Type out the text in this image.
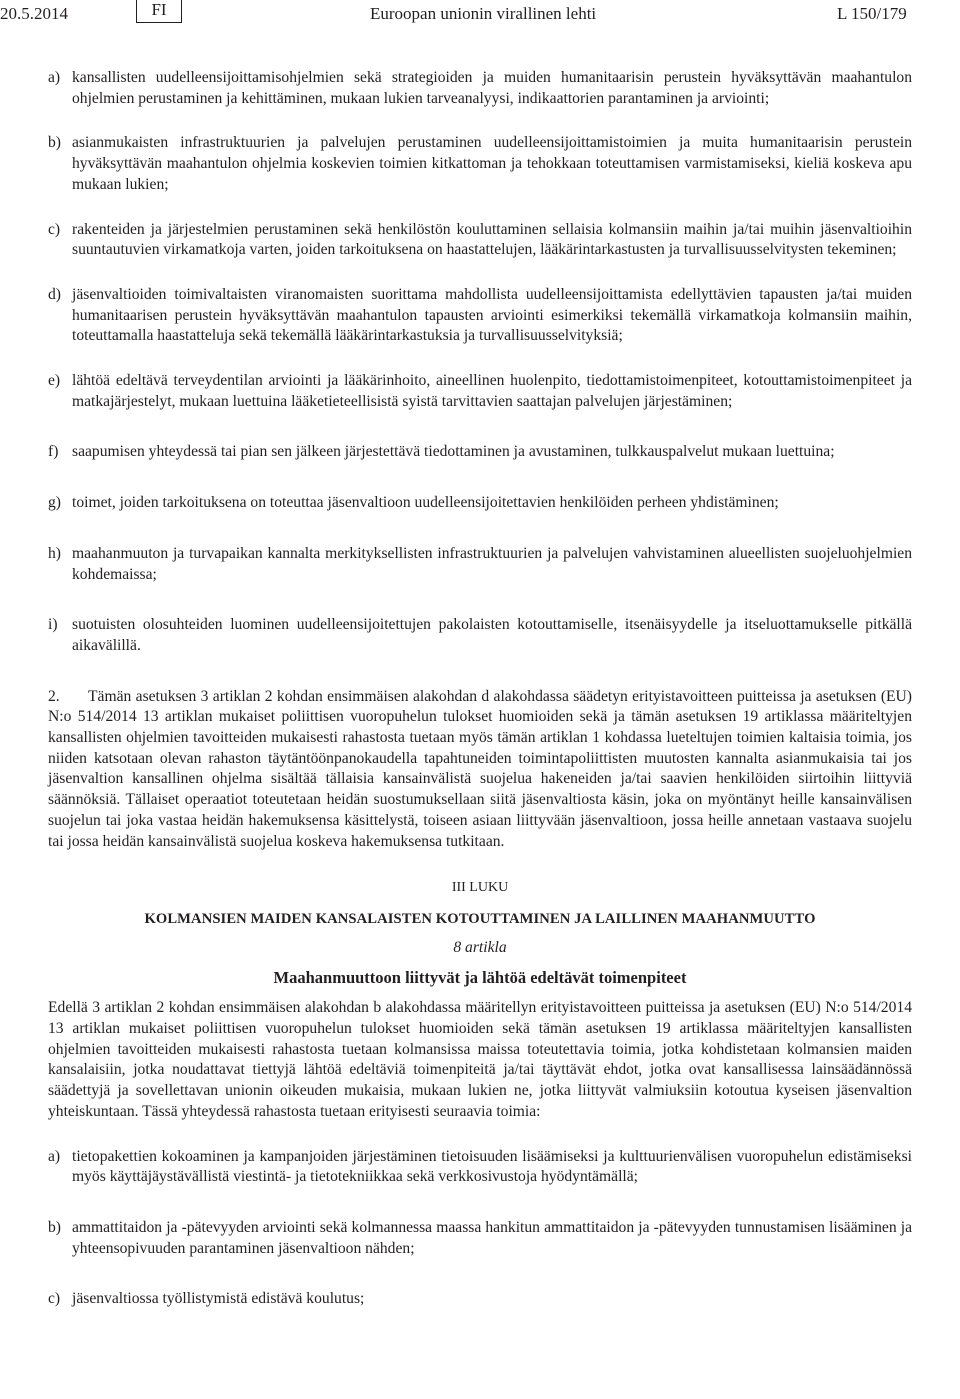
20.5.2014	FI	Euroopan unionin virallinen lehti	L 150/179
a) kansallisten uudelleensijoittamisohjelmien sekä strategioiden ja muiden humanitaarisin perustein hyväksyttävän maahantulon ohjelmien perustaminen ja kehittäminen, mukaan lukien tarveanalyysi, indikaattorien parantaminen ja arviointi;
b) asianmukaisten infrastruktuurien ja palvelujen perustaminen uudelleensijoittamistoimien ja muita humanitaarisin perustein hyväksyttävän maahantulon ohjelmia koskevien toimien kitkattoman ja tehokkaan toteuttamisen varmistamiseksi, kieliä koskeva apu mukaan lukien;
c) rakenteiden ja järjestelmien perustaminen sekä henkilöstön kouluttaminen sellaisia kolmansiin maihin ja/tai muihin jäsenvaltioihin suuntautuvien virkamatkoja varten, joiden tarkoituksena on haastattelujen, lääkärintarkastusten ja turvallisuusselvitysten tekeminen;
d) jäsenvaltioiden toimivaltaisten viranomaisten suorittama mahdollista uudelleensijoittamista edellyttävien tapausten ja/tai muiden humanitaarisen perustein hyväksyttävän maahantulon tapausten arviointi esimerkiksi tekemällä virkamatkoja kolmansiin maihin, toteuttamalla haastatteluja sekä tekemällä lääkärintarkastuksia ja turvallisuusselvityksiä;
e) lähtöä edeltävä terveydentilan arviointi ja lääkärinhoito, aineellinen huolenpito, tiedottamistoimenpiteet, kotouttamistoimenpiteet ja matkajärjestelyt, mukaan luettuina lääketieteellisistä syistä tarvittavien saattajan palvelujen järjestäminen;
f) saapumisen yhteydessä tai pian sen jälkeen järjestettävä tiedottaminen ja avustaminen, tulkkauspalvelut mukaan luettuina;
g) toimet, joiden tarkoituksena on toteuttaa jäsenvaltioon uudelleensijoitettavien henkilöiden perheen yhdistäminen;
h) maahanmuuton ja turvapaikan kannalta merkityksellisten infrastruktuurien ja palvelujen vahvistaminen alueellisten suojeluohjelmien kohdemaissa;
i) suotuisten olosuhteiden luominen uudelleensijoitettujen pakolaisten kotouttamiselle, itsenäisyydelle ja itseluottamukselle pitkällä aikavälillä.
2. Tämän asetuksen 3 artiklan 2 kohdan ensimmäisen alakohdan d alakohdassa säädetyn erityistavoitteen puitteissa ja asetuksen (EU) N:o 514/2014 13 artiklan mukaiset poliittisen vuoropuhelun tulokset huomioiden sekä ja tämän asetuksen 19 artiklassa määriteltyjen kansallisten ohjelmien tavoitteiden mukaisesti rahastosta tuetaan myös tämän artiklan 1 kohdassa lueteltujen toimien kaltaisia toimia, jos niiden katsotaan olevan rahaston täytäntöönpanokaudella tapahtuneiden toimintapoliittisten muutosten kannalta asianmukaisia tai jos jäsenvaltion kansallinen ohjelma sisältää tällaisia kansainvälistä suojelua hakeneiden ja/tai saavien henkilöiden siirtoihin liittyviä säännöksiä. Tällaiset operaatiot toteutetaan heidän suostumuksellaan siitä jäsenvaltiosta käsin, joka on myöntänyt heille kansainvälisen suojelun tai joka vastaa heidän hakemuksensa käsittelystä, toiseen asiaan liittyvään jäsenvaltioon, jossa heille annetaan vastaava suojelu tai jossa heidän kansainvälistä suojelua koskeva hakemuksensa tutkitaan.
III LUKU
KOLMANSIEN MAIDEN KANSALAISTEN KOTOUTTAMINEN JA LAILLINEN MAAHANMUUTTO
8 artikla
Maahanmuuttoon liittyvät ja lähtöä edeltävät toimenpiteet
Edellä 3 artiklan 2 kohdan ensimmäisen alakohdan b alakohdassa määritellyn erityistavoitteen puitteissa ja asetuksen (EU) N:o 514/2014 13 artiklan mukaiset poliittisen vuoropuhelun tulokset huomioiden sekä tämän asetuksen 19 artiklassa määriteltyjen kansallisten ohjelmien tavoitteiden mukaisesti rahastosta tuetaan kolmansissa maissa toteutettavia toimia, jotka kohdistetaan kolmansien maiden kansalaisiin, jotka noudattavat tiettyjä lähtöä edeltäviä toimenpiteitä ja/tai täyttävät ehdot, jotka ovat kansallisessa lainsäädännössä säädettyjä ja sovellettavan unionin oikeuden mukaisia, mukaan lukien ne, jotka liittyvät valmiuksiin kotoutua kyseisen jäsenvaltion yhteiskuntaan. Tässä yhteydessä rahastosta tuetaan erityisesti seuraavia toimia:
a) tietopakettien kokoaminen ja kampanjoiden järjestäminen tietoisuuden lisäämiseksi ja kulttuurienvälisen vuoropuhelun edistämiseksi myös käyttäjäystävällistä viestintä- ja tietotekniikkaa sekä verkkosivustoja hyödyntämällä;
b) ammattitaidon ja -pätevyyden arviointi sekä kolmannessa maassa hankitun ammattitaidon ja -pätevyyden tunnustamisen lisääminen ja yhteensopivuuden parantaminen jäsenvaltioon nähden;
c) jäsenvaltiossa työllistymistä edistävä koulutus;
